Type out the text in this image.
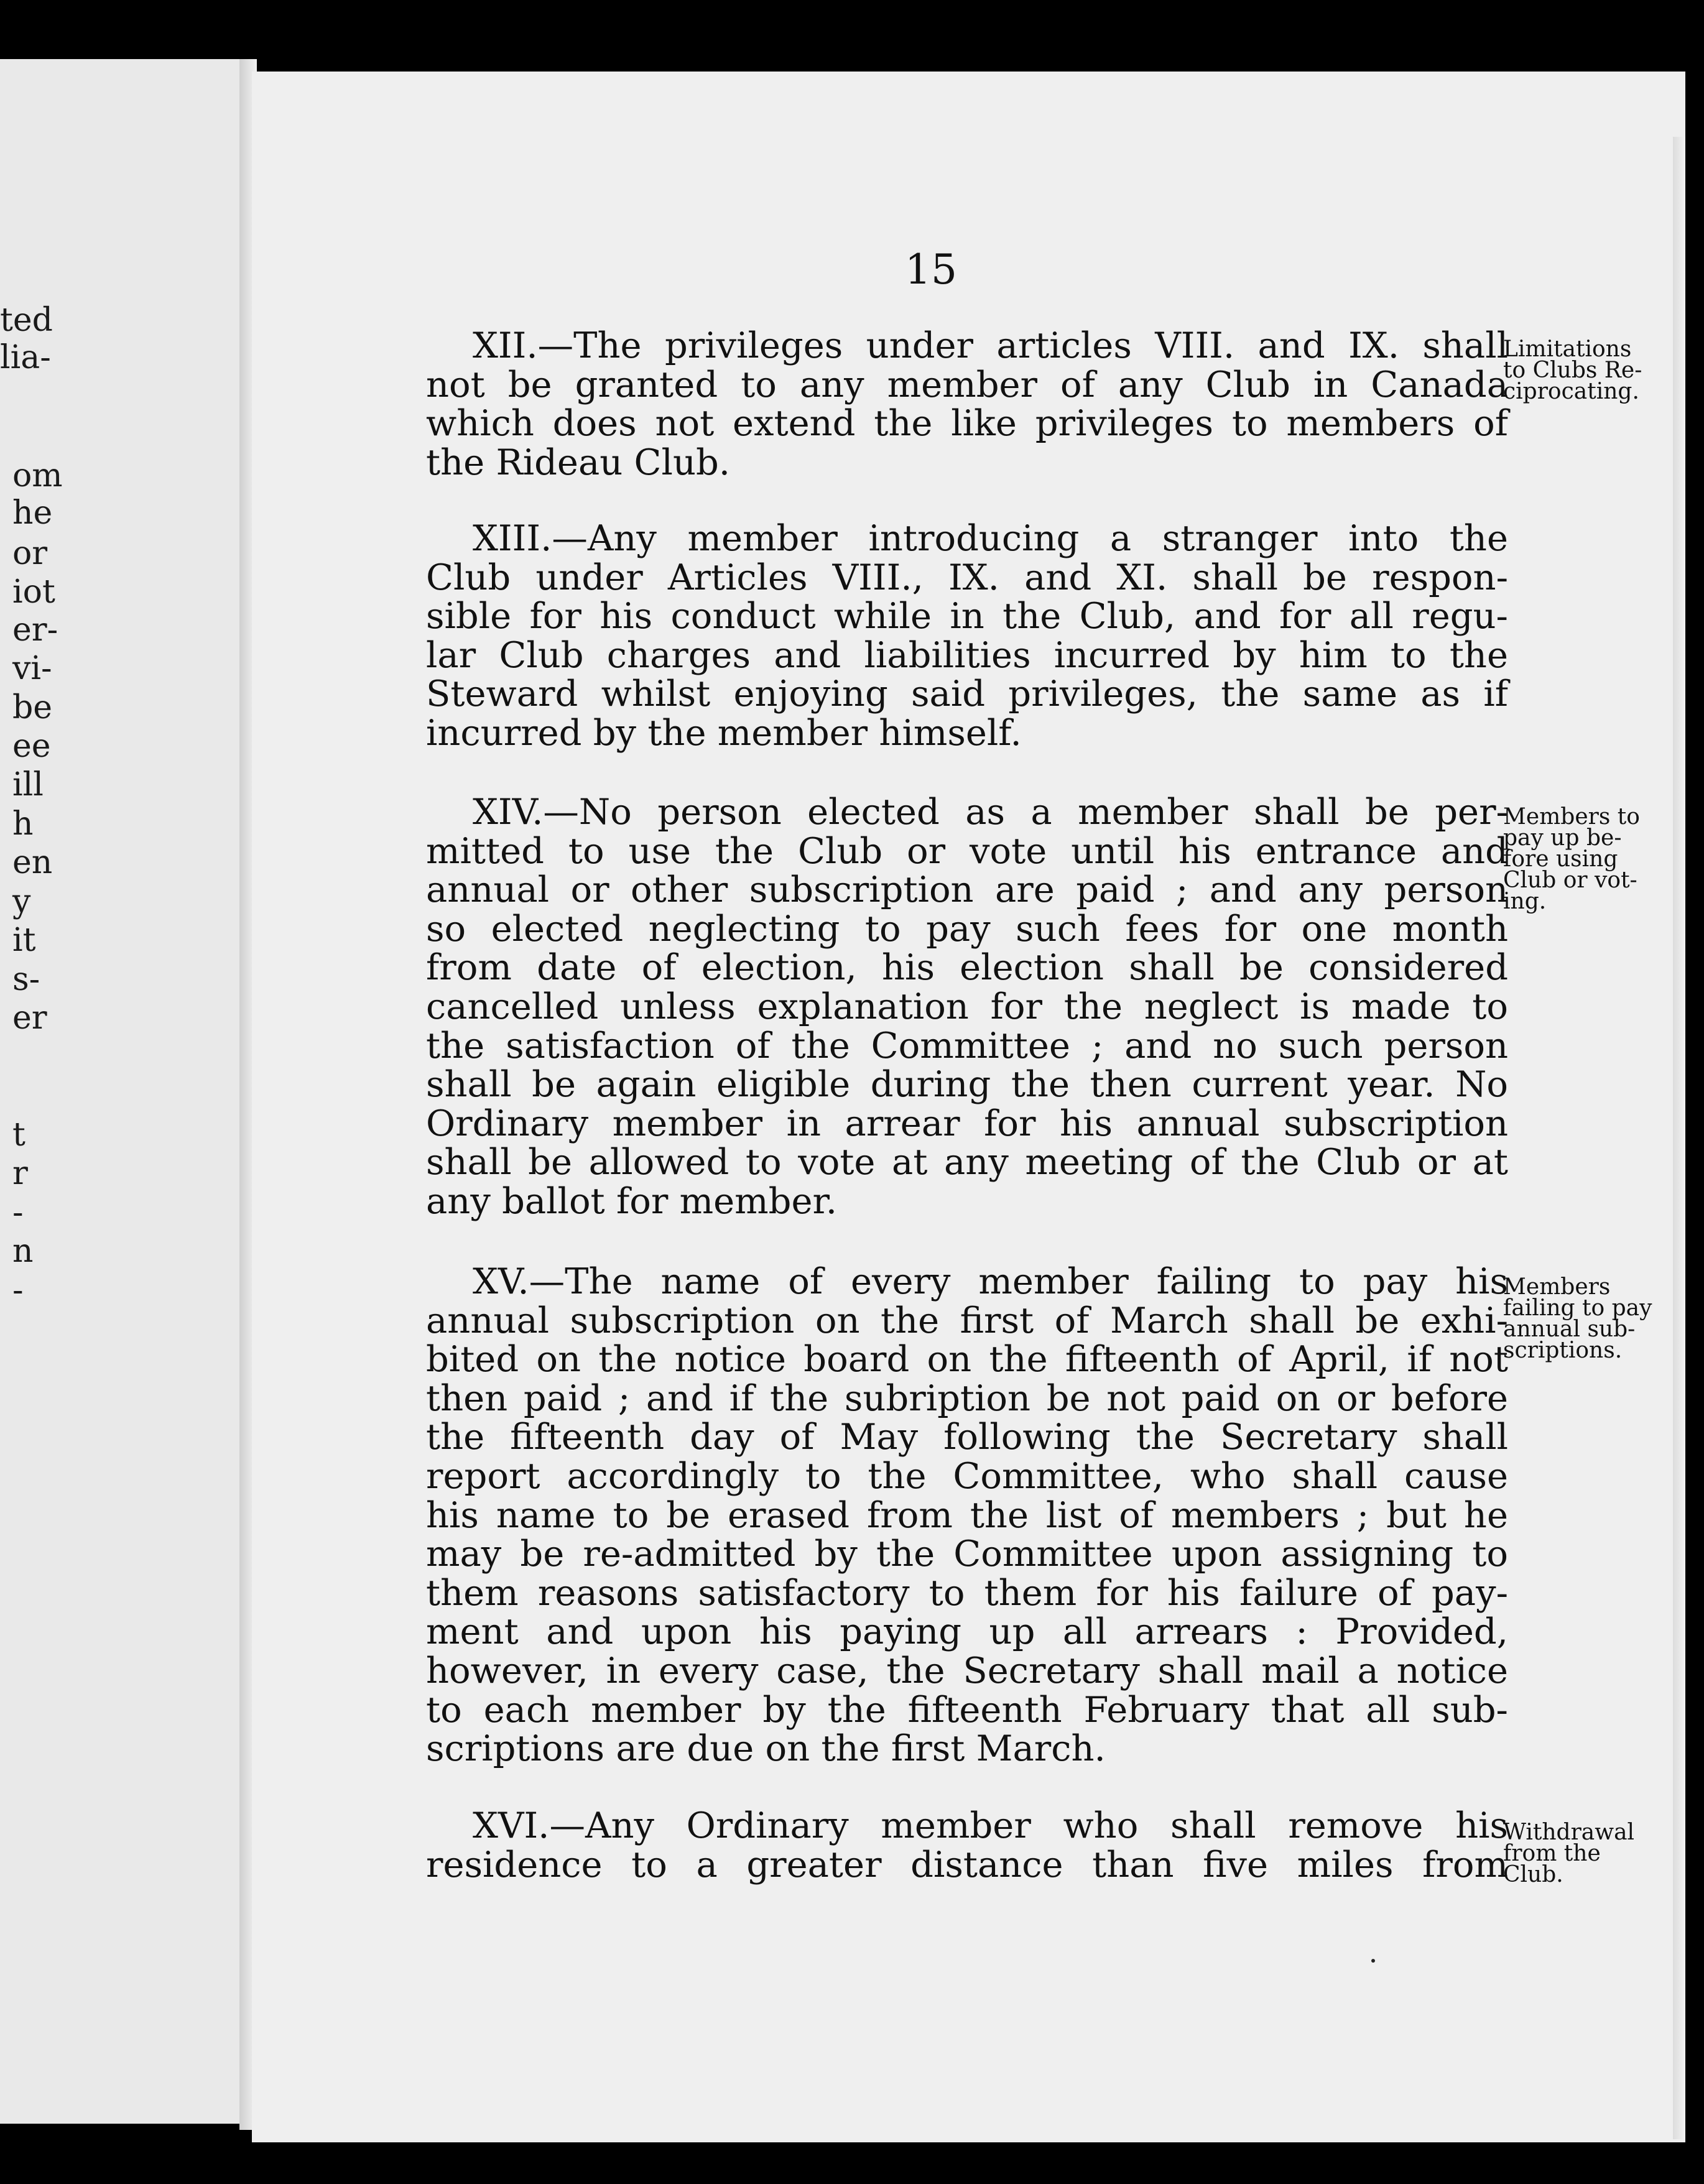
ted
lia-
om
he
or
iot
er-
vi-
be
ee
ill
h
en
y
it
s-
er
t
r
-
n
-
15
XII.—The privileges under articles VIII. and IX. shall
not be granted to any member of any Club in Canada
which does not extend the like privileges to members of
the Rideau Club.
Limitations
to Clubs Re-
ciprocating.
XIII.—Any member introducing a stranger into the
Club under Articles VIII., IX. and XI. shall be respon-
sible for his conduct while in the Club, and for all regu-
lar Club charges and liabilities incurred by him to the
Steward whilst enjoying said privileges, the same as if
incurred by the member himself.
XIV.—No person elected as a member shall be per-
mitted to use the Club or vote until his entrance and
annual or other subscription are paid ; and any person
so elected neglecting to pay such fees for one month
from date of election, his election shall be considered
cancelled unless explanation for the neglect is made to
the satisfaction of the Committee ; and no such person
shall be again eligible during the then current year. No
Ordinary member in arrear for his annual subscription
shall be allowed to vote at any meeting of the Club or at
any ballot for member.
Members to
pay up be-
fore using
Club or vot-
ing.
XV.—The name of every member failing to pay his
annual subscription on the first of March shall be exhi-
bited on the notice board on the fifteenth of April, if not
then paid ; and if the subription be not paid on or before
the fifteenth day of May following the Secretary shall
report accordingly to the Committee, who shall cause
his name to be erased from the list of members ; but he
may be re-admitted by the Committee upon assigning to
them reasons satisfactory to them for his failure of pay-
ment and upon his paying up all arrears : Provided,
however, in every case, the Secretary shall mail a notice
to each member by the fifteenth February that all sub-
scriptions are due on the first March.
Members
failing to pay
annual sub-
scriptions.
XVI.—Any Ordinary member who shall remove his
residence to a greater distance than five miles from
Withdrawal
from the
Club.
